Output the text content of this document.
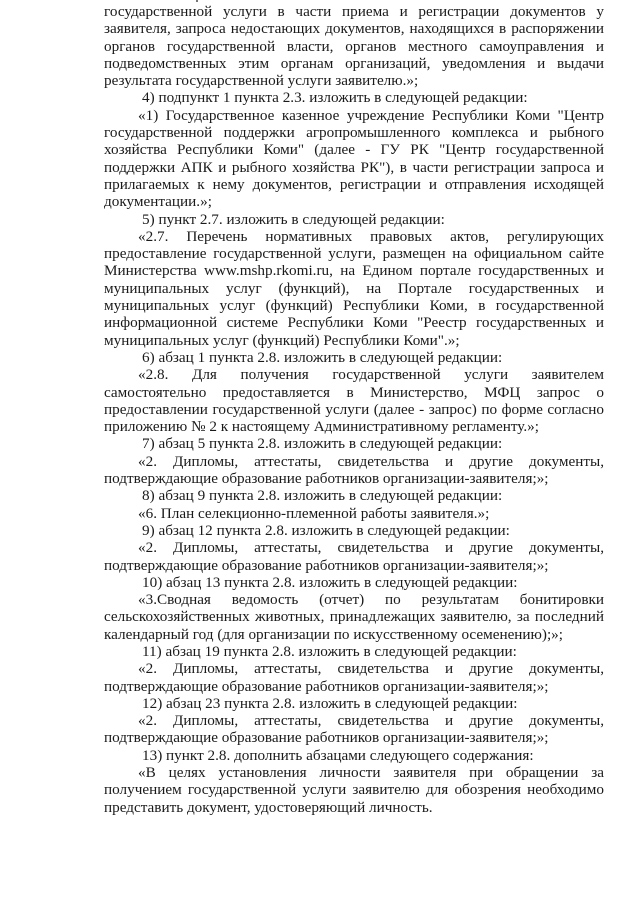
государственной услуги в части приема и регистрации документов у заявителя, запроса недостающих документов, находящихся в распоряжении органов государственной власти, органов местного самоуправления и подведомственных этим органам организаций, уведомления и выдачи результата государственной услуги заявителю.»;

4) подпункт 1 пункта 2.3. изложить в следующей редакции:

«1) Государственное казенное учреждение Республики Коми "Центр государственной поддержки агропромышленного комплекса и рыбного хозяйства Республики Коми" (далее - ГУ РК "Центр государственной поддержки АПК и рыбного хозяйства РК"), в части регистрации запроса и прилагаемых к нему документов, регистрации и отправления исходящей документации.»;

5) пункт 2.7. изложить в следующей редакции:

«2.7. Перечень нормативных правовых актов, регулирующих предоставление государственной услуги, размещен на официальном сайте Министерства www.mshp.rkomi.ru, на Едином портале государственных и муниципальных услуг (функций), на Портале государственных и муниципальных услуг (функций) Республики Коми, в государственной информационной системе Республики Коми "Реестр государственных и муниципальных услуг (функций) Республики Коми".»;

6) абзац 1 пункта 2.8. изложить в следующей редакции:

«2.8. Для получения государственной услуги заявителем самостоятельно предоставляется в Министерство, МФЦ запрос о предоставлении государственной услуги (далее - запрос) по форме согласно приложению № 2 к настоящему Административному регламенту.»;

7) абзац 5 пункта 2.8. изложить в следующей редакции:

«2. Дипломы, аттестаты, свидетельства и другие документы, подтверждающие образование работников организации-заявителя;»;

8) абзац 9 пункта 2.8. изложить в следующей редакции:

«6. План селекционно-племенной работы заявителя.»;

9) абзац 12 пункта 2.8. изложить в следующей редакции:

«2. Дипломы, аттестаты, свидетельства и другие документы, подтверждающие образование работников организации-заявителя;»;

10) абзац 13 пункта 2.8. изложить в следующей редакции:

«3.Сводная ведомость (отчет) по результатам бонитировки сельскохозяйственных животных, принадлежащих заявителю, за последний календарный год (для организации по искусственному осеменению);»;

11) абзац 19 пункта 2.8. изложить в следующей редакции:

«2. Дипломы, аттестаты, свидетельства и другие документы, подтверждающие образование работников организации-заявителя;»;

12) абзац 23 пункта 2.8. изложить в следующей редакции:

«2. Дипломы, аттестаты, свидетельства и другие документы, подтверждающие образование работников организации-заявителя;»;

13) пункт 2.8. дополнить абзацами следующего содержания:

«В целях установления личности заявителя при обращении за получением государственной услуги заявителю для обозрения необходимо представить документ, удостоверяющий личность.
